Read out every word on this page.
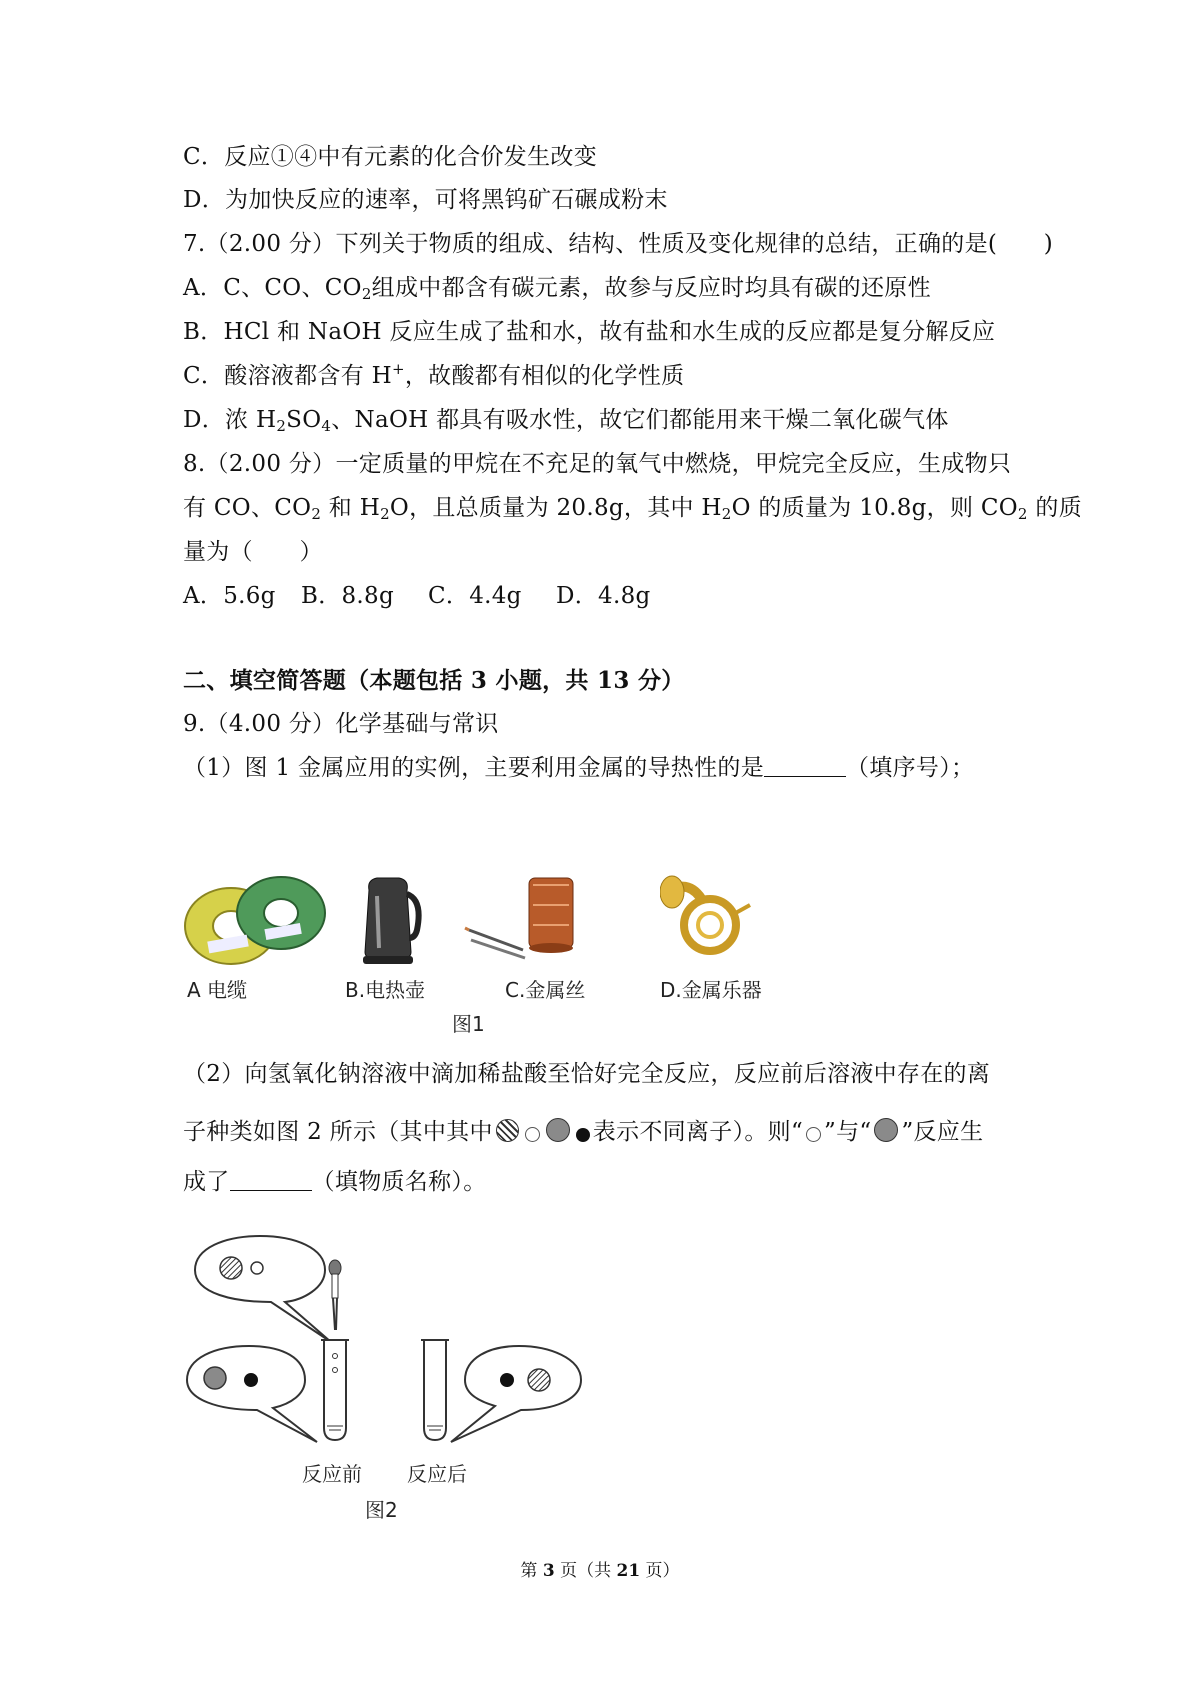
C．反应①④中有元素的化合价发生改变
D．为加快反应的速率，可将黑钨矿石碾成粉末
7.（2.00 分）下列关于物质的组成、结构、性质及变化规律的总结，正确的是(　　)
A．C、CO、$CO_2$组成中都含有碳元素，故参与反应时均具有碳的还原性
B．HCl 和 NaOH 反应生成了盐和水，故有盐和水生成的反应都是复分解反应
C．酸溶液都含有 H+，故酸都有相似的化学性质
D．浓 $H_2SO_4$、NaOH 都具有吸水性，故它们都能用来干燥二氧化碳气体
8.（2.00 分）一定质量的甲烷在不充足的氧气中燃烧，甲烷完全反应，生成物只
有 CO、$CO_2$ 和 $H_2O$，且总质量为 20.8g，其中 $H_2O$ 的质量为 10.8g，则 $CO_2$ 的质
量为（　　）
A．5.6g B．8.8g C．4.4g D．4.8g
二、填空简答题（本题包括 3 小题，共 13 分）
9.（4.00 分）化学基础与常识
（1）图 1 金属应用的实例，主要利用金属的导热性的是	（填序号）；
A 电缆	B.电热壶	C.金属丝	D.金属乐器
图1
（2）向氢氧化钠溶液中滴加稀盐酸至恰好完全反应，反应前后溶液中存在的离
子种类如图 2 所示（其中其中	表示不同离子）。则“ ”与“ ”反应生
成了	（填物质名称）。
反应前 反应后
图2
第 3 页（共 21 页）
